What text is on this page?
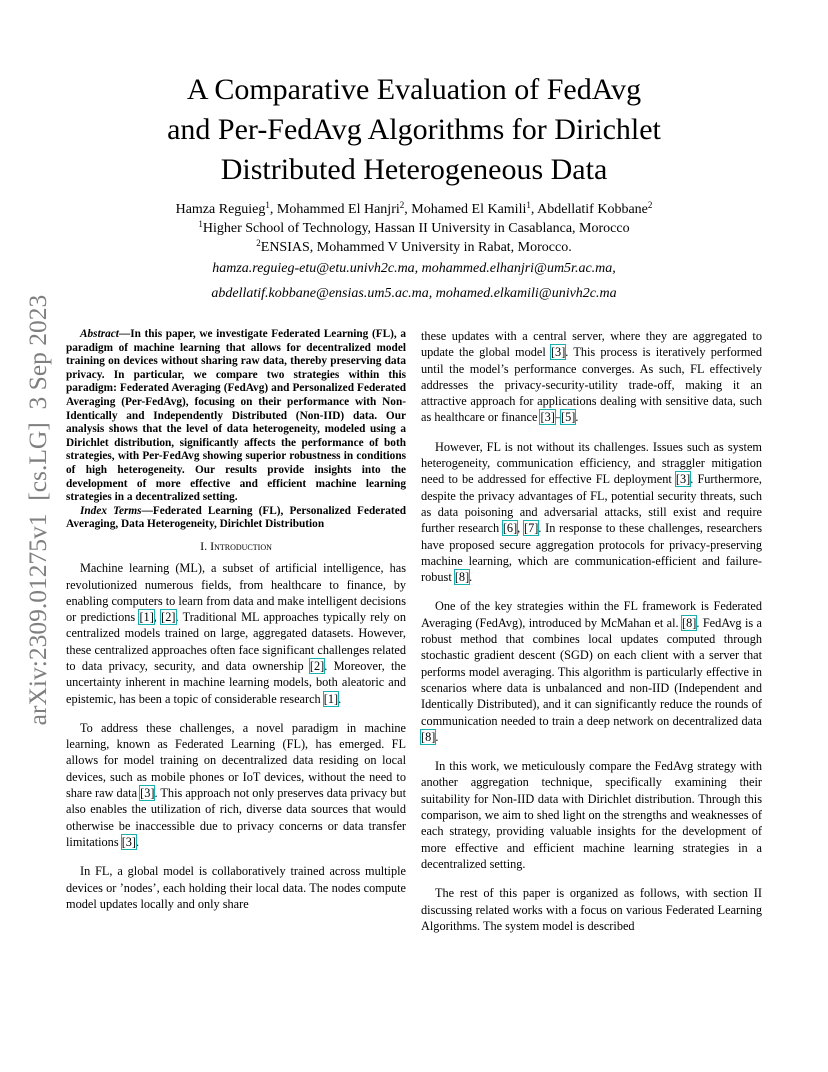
A Comparative Evaluation of FedAvg
and Per-FedAvg Algorithms for Dirichlet
Distributed Heterogeneous Data
Hamza Reguieg$^1$, Mohammed El Hanjri$^2$, Mohamed El Kamili$^1$, Abdellatif Kobbane$^2$
$^1$Higher School of Technology, Hassan II University in Casablanca, Morocco
$^2$ENSIAS, Mohammed V University in Rabat, Morocco.
hamza.reguieg-etu@etu.univh2c.ma, mohammed.elhanjri@um5r.ac.ma,
abdellatif.kobbane@ensias.um5.ac.ma, mohamed.elkamili@univh2c.ma
arXiv:2309.01275v1  [cs.LG]  3 Sep 2023	Abstract—In this paper, we investigate Federated Learning (FL), a paradigm of machine learning that allows for decentralized model training on devices without sharing raw data, thereby preserving data privacy. In particular, we compare two strategies within this paradigm: Federated Averaging (FedAvg) and Personalized Federated Averaging (Per-FedAvg), focusing on their performance with Non-Identically and Independently Distributed (Non-IID) data. Our analysis shows that the level of data heterogeneity, modeled using a Dirichlet distribution, significantly affects the performance of both strategies, with Per-FedAvg showing superior robustness in conditions of high heterogeneity. Our results provide insights into the development of more effective and efficient machine learning strategies in a decentralized setting.

Index Terms—Federated Learning (FL), Personalized Federated Averaging, Data Heterogeneity, Dirichlet Distribution

I. Introduction

Machine learning (ML), a subset of artificial intelligence, has revolutionized numerous fields, from healthcare to finance, by enabling computers to learn from data and make intelligent decisions or predictions [1], [2]. Traditional ML approaches typically rely on centralized models trained on large, aggregated datasets. However, these centralized approaches often face significant challenges related to data privacy, security, and data ownership [2]. Moreover, the uncertainty inherent in machine learning models, both aleatoric and epistemic, has been a topic of considerable research [1].

To address these challenges, a novel paradigm in machine learning, known as Federated Learning (FL), has emerged. FL allows for model training on decentralized data residing on local devices, such as mobile phones or IoT devices, without the need to share raw data [3]. This approach not only preserves data privacy but also enables the utilization of rich, diverse data sources that would otherwise be inaccessible due to privacy concerns or data transfer limitations [3].

In FL, a global model is collaboratively trained across multiple devices or ’nodes’, each holding their local data. The nodes compute model updates locally and only share

these updates with a central server, where they are aggregated to update the global model [3]. This process is iteratively performed until the model’s performance converges. As such, FL effectively addresses the privacy-security-utility trade-off, making it an attractive approach for applications dealing with sensitive data, such as healthcare or finance [3]–[5].

However, FL is not without its challenges. Issues such as system heterogeneity, communication efficiency, and straggler mitigation need to be addressed for effective FL deployment [3]. Furthermore, despite the privacy advantages of FL, potential security threats, such as data poisoning and adversarial attacks, still exist and require further research [6], [7]. In response to these challenges, researchers have proposed secure aggregation protocols for privacy-preserving machine learning, which are communication-efficient and failure-robust [8].

One of the key strategies within the FL framework is Federated Averaging (FedAvg), introduced by McMahan et al. [8]. FedAvg is a robust method that combines local updates computed through stochastic gradient descent (SGD) on each client with a server that performs model averaging. This algorithm is particularly effective in scenarios where data is unbalanced and non-IID (Independent and Identically Distributed), and it can significantly reduce the rounds of communication needed to train a deep network on decentralized data [8].

In this work, we meticulously compare the FedAvg strategy with another aggregation technique, specifically examining their suitability for Non-IID data with Dirichlet distribution. Through this comparison, we aim to shed light on the strengths and weaknesses of each strategy, providing valuable insights for the development of more effective and efficient machine learning strategies in a decentralized setting.

The rest of this paper is organized as follows, with section II discussing related works with a focus on various Federated Learning Algorithms. The system model is described
